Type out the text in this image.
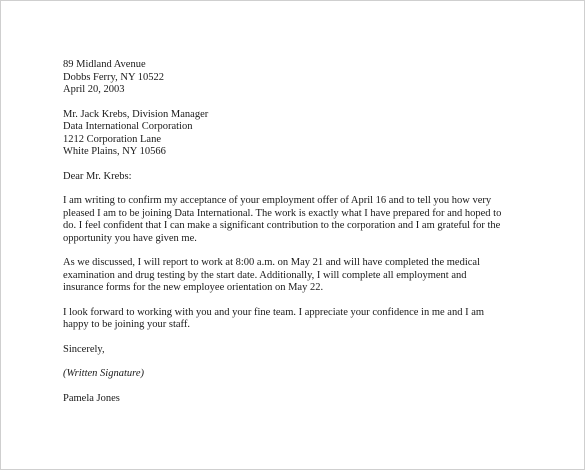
89 Midland Avenue
Dobbs Ferry, NY 10522
April 20, 2003
Mr. Jack Krebs, Division Manager
Data International Corporation
1212 Corporation Lane
White Plains, NY 10566
Dear Mr. Krebs:

I am writing to confirm my acceptance of your employment offer of April 16 and to tell you how very
pleased I am to be joining Data International. The work is exactly what I have prepared for and hoped to
do. I feel confident that I can make a significant contribution to the corporation and I am grateful for the
opportunity you have given me.

As we discussed, I will report to work at 8:00 a.m. on May 21 and will have completed the medical
examination and drug testing by the start date. Additionally, I will complete all employment and
insurance forms for the new employee orientation on May 22.

I look forward to working with you and your fine team. I appreciate your confidence in me and I am
happy to be joining your staff.

Sincerely,
(Written Signature)
Pamela Jones
